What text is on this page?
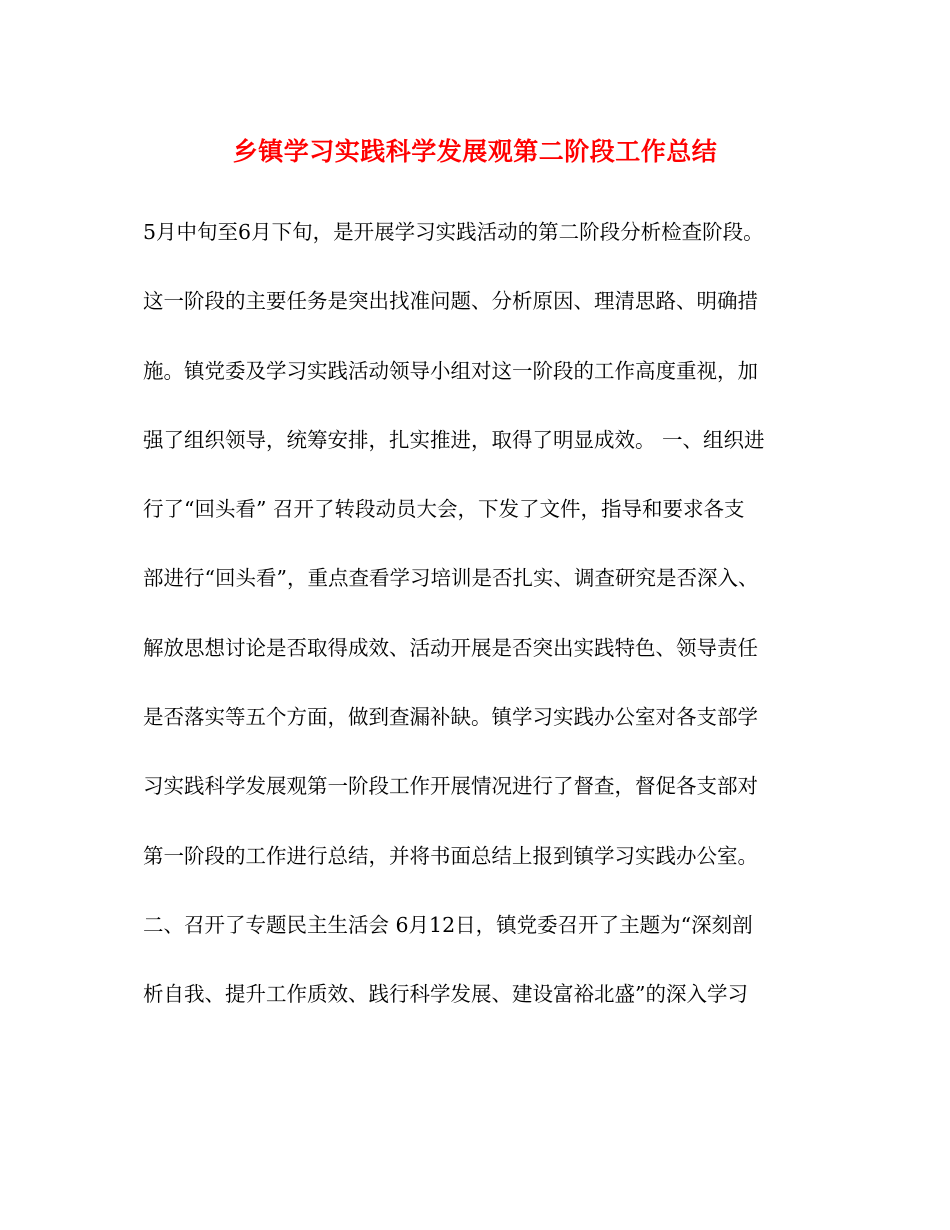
乡镇学习实践科学发展观第二阶段工作总结
5月中旬至6月下旬，是开展学习实践活动的第二阶段分析检查阶段。
这一阶段的主要任务是突出找准问题、分析原因、理清思路、明确措
施。镇党委及学习实践活动领导小组对这一阶段的工作高度重视，加
强了组织领导，统筹安排，扎实推进，取得了明显成效。 一、组织进
行了“回头看” 召开了转段动员大会，下发了文件，指导和要求各支
部进行“回头看”，重点查看学习培训是否扎实、调查研究是否深入、
解放思想讨论是否取得成效、活动开展是否突出实践特色、领导责任
是否落实等五个方面，做到查漏补缺。镇学习实践办公室对各支部学
习实践科学发展观第一阶段工作开展情况进行了督查，督促各支部对
第一阶段的工作进行总结，并将书面总结上报到镇学习实践办公室。
二、召开了专题民主生活会 6月12日，镇党委召开了主题为“深刻剖
析自我、提升工作质效、践行科学发展、建设富裕北盛”的深入学习
